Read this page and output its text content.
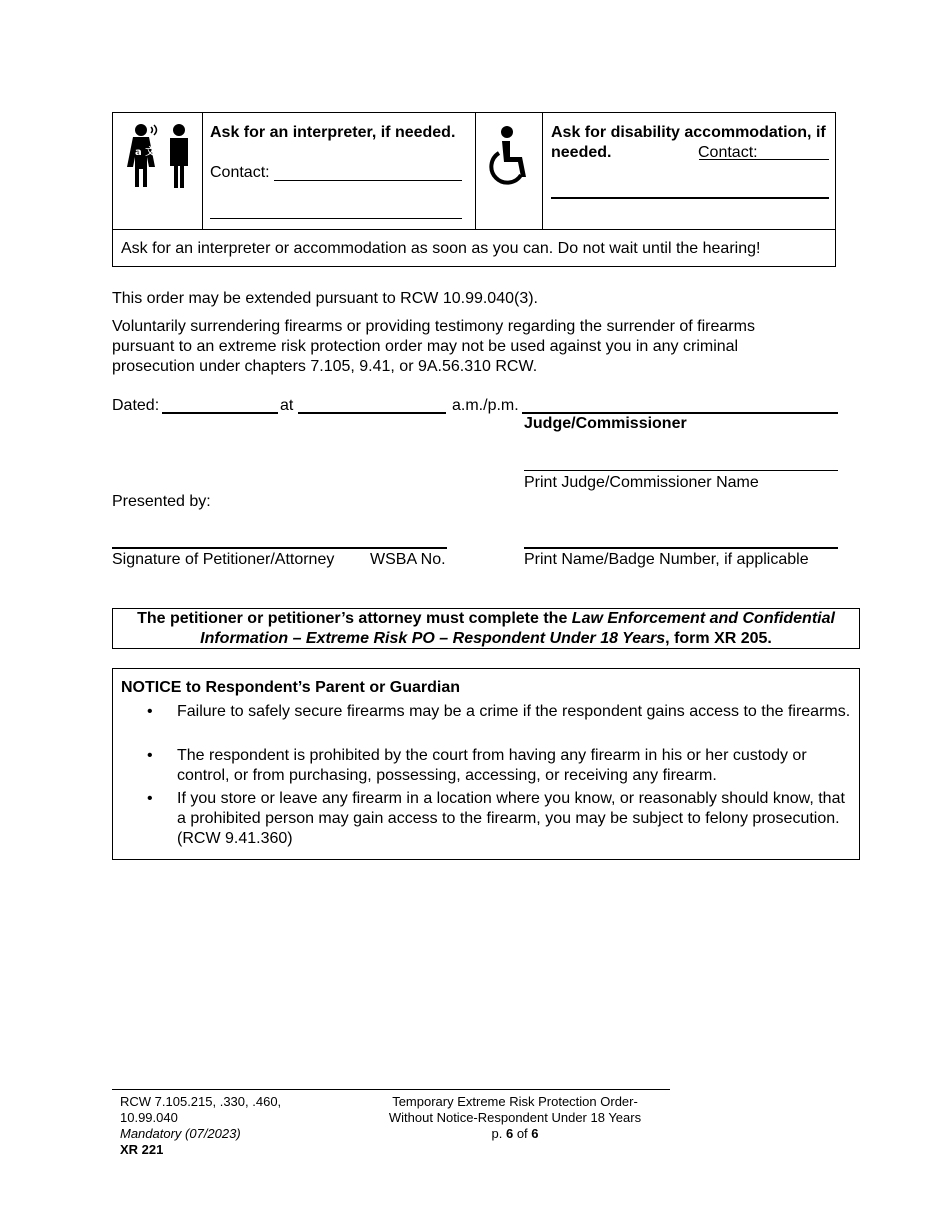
a 文
Ask for an interpreter, if needed.
Contact:
Ask for disability accommodation, if needed.	Contact:
Ask for an interpreter or accommodation as soon as you can. Do not wait until the hearing!
This order may be extended pursuant to RCW 10.99.040(3).
Voluntarily surrendering firearms or providing testimony regarding the surrender of firearms pursuant to an extreme risk protection order may not be used against you in any criminal prosecution under chapters 7.105, 9.41, or 9A.56.310 RCW.
Dated:	at	a.m./p.m.
Judge/Commissioner
Print Judge/Commissioner Name
Presented by:
Signature of Petitioner/Attorney WSBA No.	Print Name/Badge Number, if applicable
The petitioner or petitioner’s attorney must complete the Law Enforcement and Confidential Information – Extreme Risk PO – Respondent Under 18 Years, form XR 205.
NOTICE to Respondent’s Parent or Guardian
• Failure to safely secure firearms may be a crime if the respondent gains access to the firearms.
• The respondent is prohibited by the court from having any firearm in his or her custody or control, or from purchasing, possessing, accessing, or receiving any firearm.
• If you store or leave any firearm in a location where you know, or reasonably should know, that a prohibited person may gain access to the firearm, you may be subject to felony prosecution. (RCW 9.41.360)
RCW 7.105.215, .330, .460,
10.99.040
Mandatory (07/2023)
XR 221
Temporary Extreme Risk Protection Order-
Without Notice-Respondent Under 18 Years
p. 6 of 6
